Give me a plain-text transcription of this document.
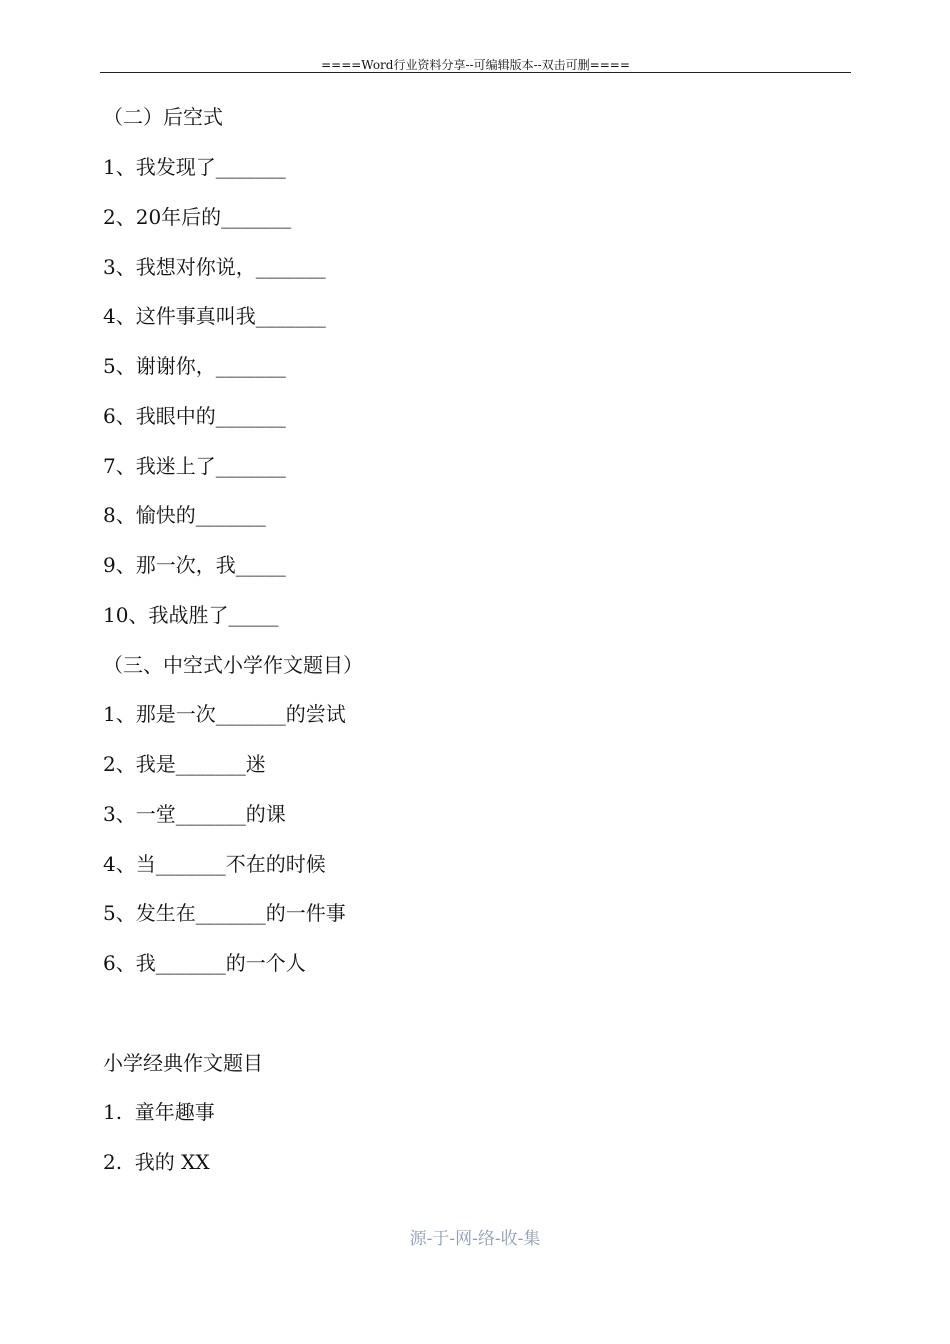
====Word行业资料分享--可编辑版本--双击可删====
（二）后空式
1、我发现了_______
2、20年后的_______
3、我想对你说，_______
4、这件事真叫我_______
5、谢谢你，_______
6、我眼中的_______
7、我迷上了_______
8、愉快的_______
9、那一次，我_____
10、我战胜了_____
（三、中空式小学作文题目）
1、那是一次_______的尝试
2、我是_______迷
3、一堂_______的课
4、当_______不在的时候
5、发生在_______的一件事
6、我_______的一个人
小学经典作文题目
1.  童年趣事
2.  我的 XX
源-于-网-络-收-集
